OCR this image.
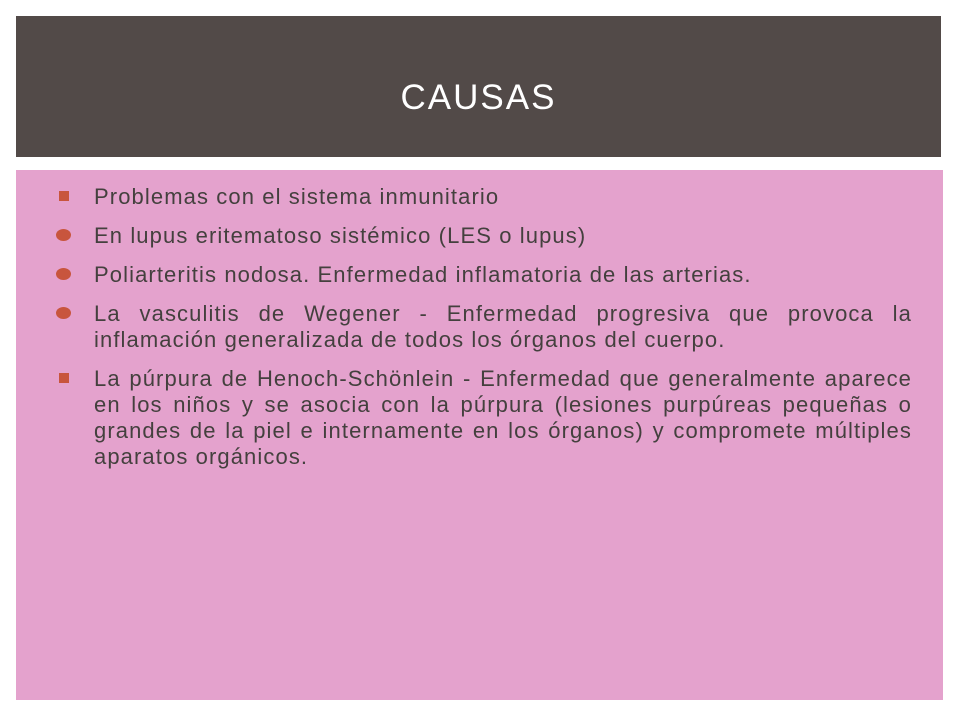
CAUSAS
Problemas con el sistema inmunitario
En lupus eritematoso sistémico (LES o lupus)
Poliarteritis nodosa. Enfermedad inflamatoria de las arterias.
La vasculitis de Wegener - Enfermedad progresiva que provoca la inflamación generalizada de todos los órganos del cuerpo.
La púrpura de Henoch-Schönlein - Enfermedad que generalmente aparece en los niños y se asocia con la púrpura (lesiones purpúreas pequeñas o grandes de la piel e internamente en los órganos) y compromete múltiples aparatos orgánicos.
